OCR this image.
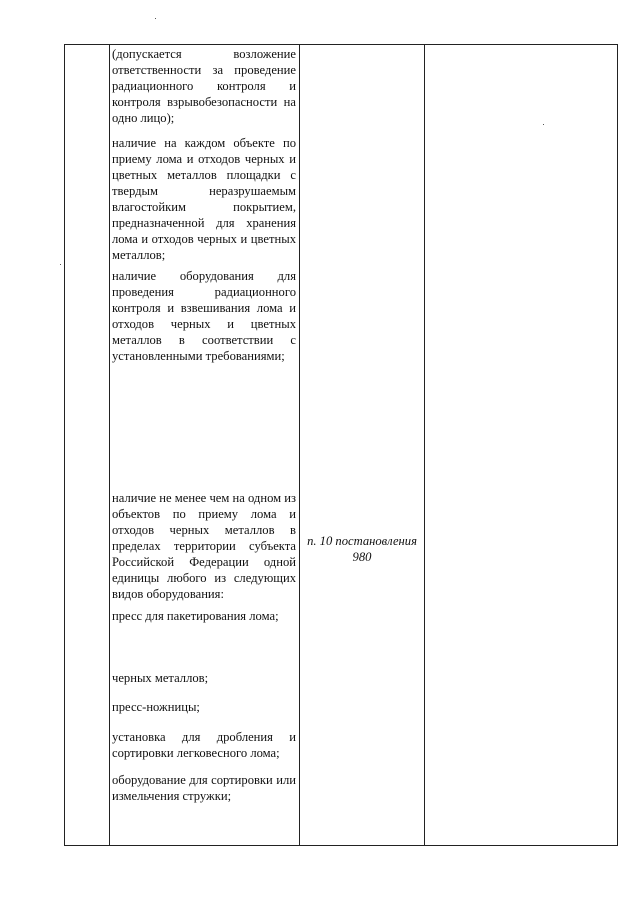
(допускается возложение ответственности за проведение радиационного контроля и контроля взрывобезопасности на одно лицо);

наличие на каждом объекте по приему лома и отходов черных и цветных металлов площадки с твердым неразрушаемым влагостойким покрытием, предназначенной для хранения лома и отходов черных и цветных металлов;

наличие оборудования для проведения радиационного контроля и взвешивания лома и отходов черных и цветных металлов в соответствии с установленными требованиями;

наличие не менее чем на одном из объектов по приему лома и отходов черных металлов в пределах территории субъекта Российской Федерации одной единицы любого из следующих видов оборудования:

пресс для пакетирования лома;

черных металлов;

пресс-ножницы;

установка для дробления и сортировки легковесного лома;

оборудование для сортировки или измельчения стружки;

п. 10 постановления
980
